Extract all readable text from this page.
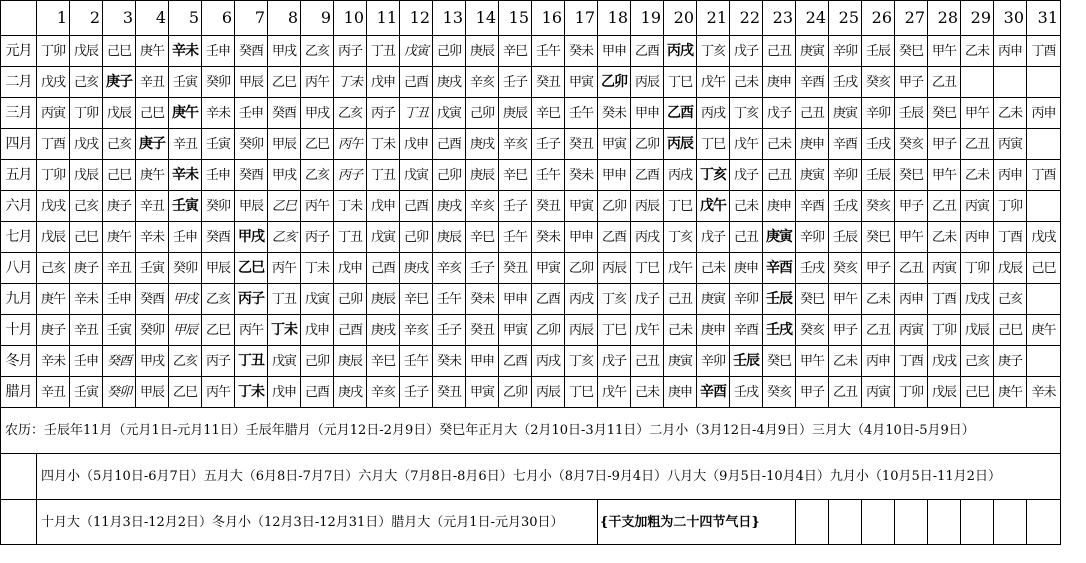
	1	2	3	4	5	6	7	8	9	10	11	12	13	14	15	16	17	18	19	20	21	22	23	24	25	26	27	28	29	30	31
元月	丁卯	戊辰	己巳	庚午	辛未	壬申	癸酉	甲戌	乙亥	丙子	丁丑	戊寅	己卯	庚辰	辛巳	壬午	癸未	甲申	乙酉	丙戌	丁亥	戊子	己丑	庚寅	辛卯	壬辰	癸巳	甲午	乙未	丙申	丁酉
二月	戊戌	己亥	庚子	辛丑	壬寅	癸卯	甲辰	乙巳	丙午	丁未	戊申	己酉	庚戌	辛亥	壬子	癸丑	甲寅	乙卯	丙辰	丁巳	戊午	己未	庚申	辛酉	壬戌	癸亥	甲子	乙丑			
三月	丙寅	丁卯	戊辰	己巳	庚午	辛未	壬申	癸酉	甲戌	乙亥	丙子	丁丑	戊寅	己卯	庚辰	辛巳	壬午	癸未	甲申	乙酉	丙戌	丁亥	戊子	己丑	庚寅	辛卯	壬辰	癸巳	甲午	乙未	丙申
四月	丁酉	戊戌	己亥	庚子	辛丑	壬寅	癸卯	甲辰	乙巳	丙午	丁未	戊申	己酉	庚戌	辛亥	壬子	癸丑	甲寅	乙卯	丙辰	丁巳	戊午	己未	庚申	辛酉	壬戌	癸亥	甲子	乙丑	丙寅	
五月	丁卯	戊辰	己巳	庚午	辛未	壬申	癸酉	甲戌	乙亥	丙子	丁丑	戊寅	己卯	庚辰	辛巳	壬午	癸未	甲申	乙酉	丙戌	丁亥	戊子	己丑	庚寅	辛卯	壬辰	癸巳	甲午	乙未	丙申	丁酉
六月	戊戌	己亥	庚子	辛丑	壬寅	癸卯	甲辰	乙巳	丙午	丁未	戊申	己酉	庚戌	辛亥	壬子	癸丑	甲寅	乙卯	丙辰	丁巳	戊午	己未	庚申	辛酉	壬戌	癸亥	甲子	乙丑	丙寅	丁卯	
七月	戊辰	己巳	庚午	辛未	壬申	癸酉	甲戌	乙亥	丙子	丁丑	戊寅	己卯	庚辰	辛巳	壬午	癸未	甲申	乙酉	丙戌	丁亥	戊子	己丑	庚寅	辛卯	壬辰	癸巳	甲午	乙未	丙申	丁酉	戊戌
八月	己亥	庚子	辛丑	壬寅	癸卯	甲辰	乙巳	丙午	丁未	戊申	己酉	庚戌	辛亥	壬子	癸丑	甲寅	乙卯	丙辰	丁巳	戊午	己未	庚申	辛酉	壬戌	癸亥	甲子	乙丑	丙寅	丁卯	戊辰	己巳
九月	庚午	辛未	壬申	癸酉	甲戌	乙亥	丙子	丁丑	戊寅	己卯	庚辰	辛巳	壬午	癸未	甲申	乙酉	丙戌	丁亥	戊子	己丑	庚寅	辛卯	壬辰	癸巳	甲午	乙未	丙申	丁酉	戊戌	己亥	
十月	庚子	辛丑	壬寅	癸卯	甲辰	乙巳	丙午	丁未	戊申	己酉	庚戌	辛亥	壬子	癸丑	甲寅	乙卯	丙辰	丁巳	戊午	己未	庚申	辛酉	壬戌	癸亥	甲子	乙丑	丙寅	丁卯	戊辰	己巳	庚午
冬月	辛未	壬申	癸酉	甲戌	乙亥	丙子	丁丑	戊寅	己卯	庚辰	辛巳	壬午	癸未	甲申	乙酉	丙戌	丁亥	戊子	己丑	庚寅	辛卯	壬辰	癸巳	甲午	乙未	丙申	丁酉	戊戌	己亥	庚子	
腊月	辛丑	壬寅	癸卯	甲辰	乙巳	丙午	丁未	戊申	己酉	庚戌	辛亥	壬子	癸丑	甲寅	乙卯	丙辰	丁巳	戊午	己未	庚申	辛酉	壬戌	癸亥	甲子	乙丑	丙寅	丁卯	戊辰	己巳	庚午	辛未
农历：壬辰年11月（元月1日-元月11日）壬辰年腊月（元月12日-2月9日）癸巳年正月大（2月10日-3月11日）二月小（3月12日-4月9日）三月大（4月10日-5月9日）																															
	四月小（5月10日-6月7日）五月大（6月8日-7月7日）六月大（7月8日-8月6日）七月小（8月7日-9月4日）八月大（9月5日-10月4日）九月小（10月5日-11月2日）																														
	十月大（11月3日-12月2日）冬月小（12月3日-12月31日）腊月大（元月1日-元月30日）																	{干支加粗为二十四节气日}													
